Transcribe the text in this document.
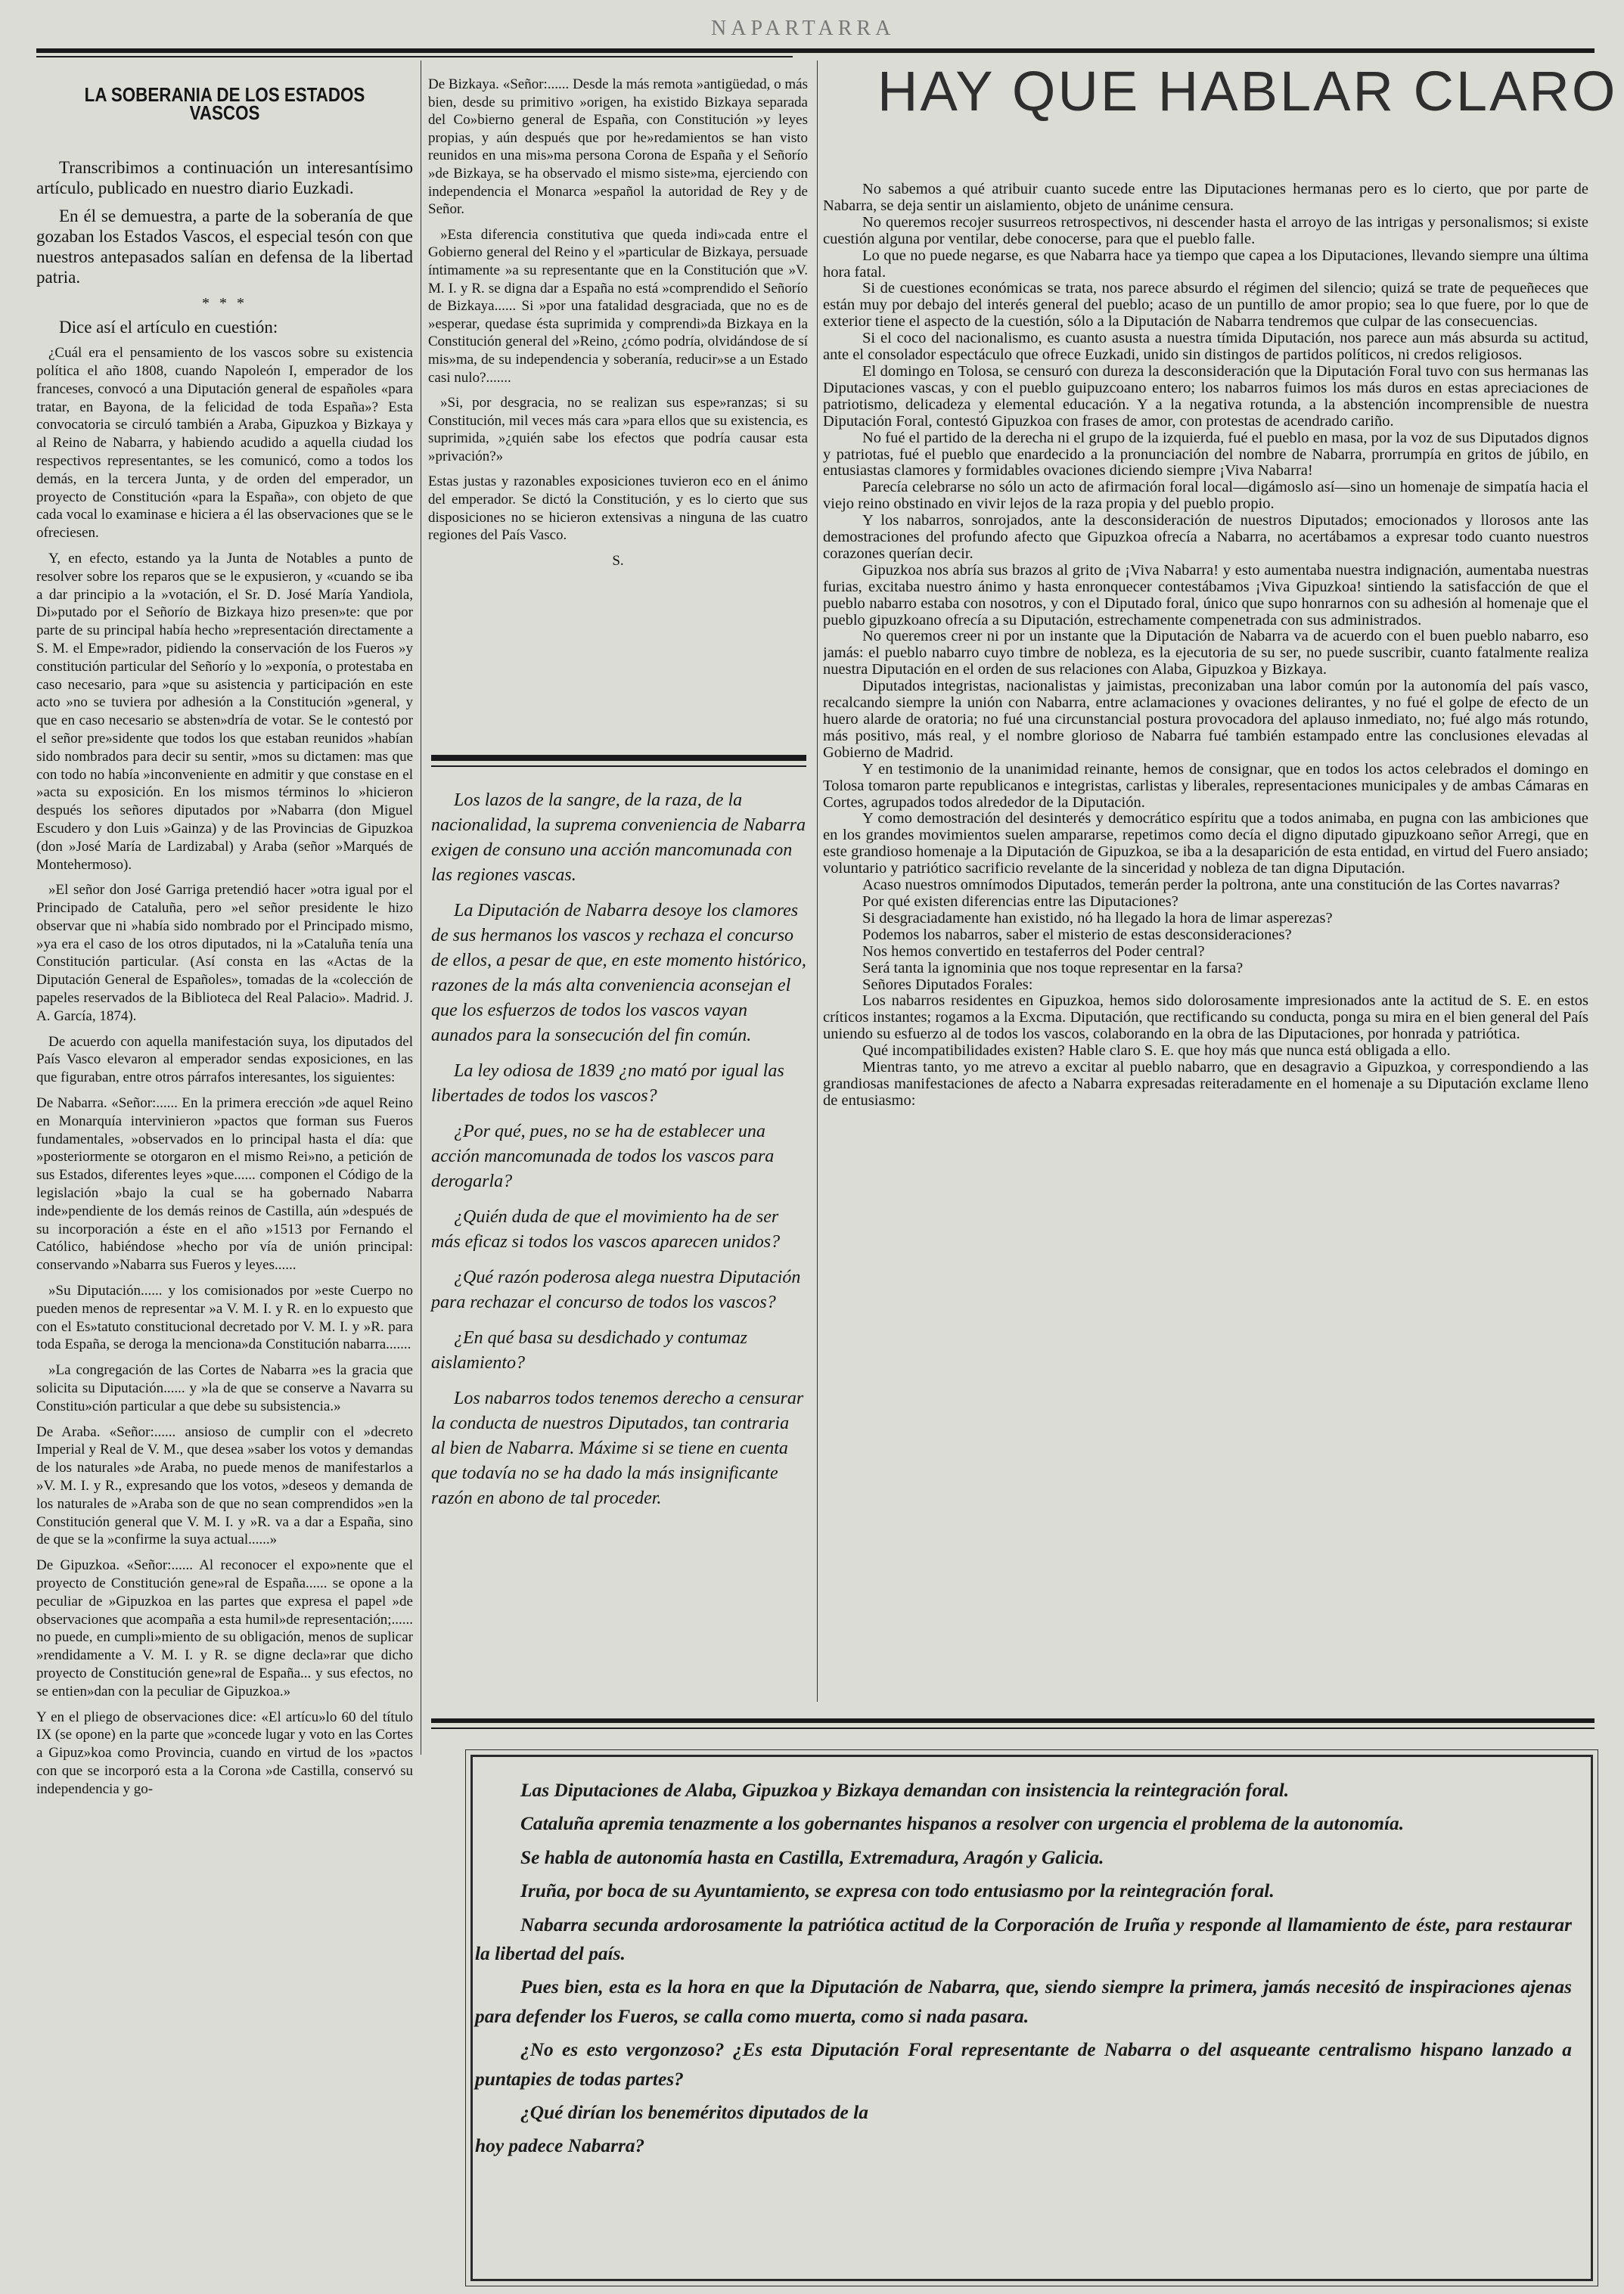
NAPARTARRA
LA SOBERANIA DE LOS ESTADOS VASCOS

Transcribimos a continuación un interesantísimo artículo, publicado en nuestro diario Euzkadi.

En él se demuestra, a parte de la soberanía de que gozaban los Estados Vascos, el especial tesón con que nuestros antepasados salían en defensa de la libertad patria.

* * *

Dice así el artículo en cuestión:

¿Cuál era el pensamiento de los vascos sobre su existencia política el año 1808, cuando Napoleón I, emperador de los franceses, convocó a una Diputación general de españoles «para tratar, en Bayona, de la felicidad de toda España»? Esta convocatoria se circuló también a Araba, Gipuzkoa y Bizkaya y al Reino de Nabarra, y habiendo acudido a aquella ciudad los respectivos representantes, se les comunicó, como a todos los demás, en la tercera Junta, y de orden del emperador, un proyecto de Constitución «para la España», con objeto de que cada vocal lo examinase e hiciera a él las observaciones que se le ofreciesen.

Y, en efecto, estando ya la Junta de Notables a punto de resolver sobre los reparos que se le expusieron, y «cuando se iba a dar principio a la »votación, el Sr. D. José María Yandiola, Di»putado por el Señorío de Bizkaya hizo presen»te: que por parte de su principal había hecho »representación directamente a S. M. el Empe»rador, pidiendo la conservación de los Fueros »y constitución particular del Señorío y lo »exponía, o protestaba en caso necesario, para »que su asistencia y participación en este acto »no se tuviera por adhesión a la Constitución »general, y que en caso necesario se absten»dría de votar. Se le contestó por el señor pre»sidente que todos los que estaban reunidos »habían sido nombrados para decir su sentir, »mos su dictamen: mas que con todo no había »inconveniente en admitir y que constase en el »acta su exposición. En los mismos términos lo »hicieron después los señores diputados por »Nabarra (don Miguel Escudero y don Luis »Gainza) y de las Provincias de Gipuzkoa (don »José María de Lardizabal) y Araba (señor »Marqués de Montehermoso).

»El señor don José Garriga pretendió hacer »otra igual por el Principado de Cataluña, pero »el señor presidente le hizo observar que ni »había sido nombrado por el Principado mismo, »ya era el caso de los otros diputados, ni la »Cataluña tenía una Constitución particular. (Así consta en las «Actas de la Diputación General de Españoles», tomadas de la «colección de papeles reservados de la Biblioteca del Real Palacio». Madrid. J. A. García, 1874).

De acuerdo con aquella manifestación suya, los diputados del País Vasco elevaron al emperador sendas exposiciones, en las que figuraban, entre otros párrafos interesantes, los siguientes:

De Nabarra. «Señor:...... En la primera erección »de aquel Reino en Monarquía intervinieron »pactos que forman sus Fueros fundamentales, »observados en lo principal hasta el día: que »posteriormente se otorgaron en el mismo Rei»no, a petición de sus Estados, diferentes leyes »que...... componen el Código de la legislación »bajo la cual se ha gobernado Nabarra inde»pendiente de los demás reinos de Castilla, aún »después de su incorporación a éste en el año »1513 por Fernando el Católico, habiéndose »hecho por vía de unión principal: conservando »Nabarra sus Fueros y leyes......

»Su Diputación...... y los comisionados por »este Cuerpo no pueden menos de representar »a V. M. I. y R. en lo expuesto que con el Es»tatuto constitucional decretado por V. M. I. y »R. para toda España, se deroga la menciona»da Constitución nabarra.......

»La congregación de las Cortes de Nabarra »es la gracia que solicita su Diputación...... y »la de que se conserve a Navarra su Constitu»ción particular a que debe su subsistencia.»

De Araba. «Señor:...... ansioso de cumplir con el »decreto Imperial y Real de V. M., que desea »saber los votos y demandas de los naturales »de Araba, no puede menos de manifestarlos a »V. M. I. y R., expresando que los votos, »deseos y demanda de los naturales de »Araba son de que no sean comprendidos »en la Constitución general que V. M. I. y »R. va a dar a España, sino de que se la »confirme la suya actual......»

De Gipuzkoa. «Señor:...... Al reconocer el expo»nente que el proyecto de Constitución gene»ral de España...... se opone a la peculiar de »Gipuzkoa en las partes que expresa el papel »de observaciones que acompaña a esta humil»de representación;...... no puede, en cumpli»miento de su obligación, menos de suplicar »rendidamente a V. M. I. y R. se digne decla»rar que dicho proyecto de Constitución gene»ral de España... y sus efectos, no se entien»dan con la peculiar de Gipuzkoa.»

Y en el pliego de observaciones dice: «El artícu»lo 60 del título IX (se opone) en la parte que »concede lugar y voto en las Cortes a Gipuz»koa como Provincia, cuando en virtud de los »pactos con que se incorporó esta a la Corona »de Castilla, conservó su independencia y go-

De Bizkaya. «Señor:...... Desde la más remota »antigüedad, o más bien, desde su primitivo »origen, ha existido Bizkaya separada del Co»bierno general de España, con Constitución »y leyes propias, y aún después que por he»redamientos se han visto reunidos en una mis»ma persona Corona de España y el Señorío »de Bizkaya, se ha observado el mismo siste»ma, ejerciendo con independencia el Monarca »español la autoridad de Rey y de Señor.

»Esta diferencia constitutiva que queda indi»cada entre el Gobierno general del Reino y el »particular de Bizkaya, persuade íntimamente »a su representante que en la Constitución que »V. M. I. y R. se digna dar a España no está »comprendido el Señorío de Bizkaya...... Si »por una fatalidad desgraciada, que no es de »esperar, quedase ésta suprimida y comprendi»da Bizkaya en la Constitución general del »Reino, ¿cómo podría, olvidándose de sí mis»ma, de su independencia y soberanía, reducir»se a un Estado casi nulo?.......

»Si, por desgracia, no se realizan sus espe»ranzas; si su Constitución, mil veces más cara »para ellos que su existencia, es suprimida, »¿quién sabe los efectos que podría causar esta »privación?»

Estas justas y razonables exposiciones tuvieron eco en el ánimo del emperador. Se dictó la Constitución, y es lo cierto que sus disposiciones no se hicieron extensivas a ninguna de las cuatro regiones del País Vasco.

S.

Los lazos de la sangre, de la raza, de la nacionalidad, la suprema conveniencia de Nabarra exigen de consuno una acción mancomunada con las regiones vascas.

La Diputación de Nabarra desoye los clamores de sus hermanos los vascos y rechaza el concurso de ellos, a pesar de que, en este momento histórico, razones de la más alta conveniencia aconsejan el que los esfuerzos de todos los vascos vayan aunados para la sonsecución del fin común.

La ley odiosa de 1839 ¿no mató por igual las libertades de todos los vascos?

¿Por qué, pues, no se ha de establecer una acción mancomunada de todos los vascos para derogarla?

¿Quién duda de que el movimiento ha de ser más eficaz si todos los vascos aparecen unidos?

¿Qué razón poderosa alega nuestra Diputación para rechazar el concurso de todos los vascos?

¿En qué basa su desdichado y contumaz aislamiento?

Los nabarros todos tenemos derecho a censurar la conducta de nuestros Diputados, tan contraria al bien de Nabarra. Máxime si se tiene en cuenta que todavía no se ha dado la más insignificante razón en abono de tal proceder.

HAY QUE HABLAR CLARO

No sabemos a qué atribuir cuanto sucede entre las Diputaciones hermanas pero es lo cierto, que por parte de Nabarra, se deja sentir un aislamiento, objeto de unánime censura.

No queremos recojer susurreos retrospectivos, ni descender hasta el arroyo de las intrigas y personalismos; si existe cuestión alguna por ventilar, debe conocerse, para que el pueblo falle.

Lo que no puede negarse, es que Nabarra hace ya tiempo que capea a los Diputaciones, llevando siempre una última hora fatal.

Si de cuestiones económicas se trata, nos parece absurdo el régimen del silencio; quizá se trate de pequeñeces que están muy por debajo del interés general del pueblo; acaso de un puntillo de amor propio; sea lo que fuere, por lo que de exterior tiene el aspecto de la cuestión, sólo a la Diputación de Nabarra tendremos que culpar de las consecuencias.

Si el coco del nacionalismo, es cuanto asusta a nuestra tímida Diputación, nos parece aun más absurda su actitud, ante el consolador espectáculo que ofrece Euzkadi, unido sin distingos de partidos políticos, ni credos religiosos.

El domingo en Tolosa, se censuró con dureza la desconsideración que la Diputación Foral tuvo con sus hermanas las Diputaciones vascas, y con el pueblo guipuzcoano entero; los nabarros fuimos los más duros en estas apreciaciones de patriotismo, delicadeza y elemental educación. Y a la negativa rotunda, a la abstención incomprensible de nuestra Diputación Foral, contestó Gipuzkoa con frases de amor, con protestas de acendrado cariño.

No fué el partido de la derecha ni el grupo de la izquierda, fué el pueblo en masa, por la voz de sus Diputados dignos y patriotas, fué el pueblo que enardecido a la pronunciación del nombre de Nabarra, prorrumpía en gritos de júbilo, en entusiastas clamores y formidables ovaciones diciendo siempre ¡Viva Nabarra!

Parecía celebrarse no sólo un acto de afirmación foral local—digámoslo así—sino un homenaje de simpatía hacia el viejo reino obstinado en vivir lejos de la raza propia y del pueblo propio.

Y los nabarros, sonrojados, ante la desconsideración de nuestros Diputados; emocionados y llorosos ante las demostraciones del profundo afecto que Gipuzkoa ofrecía a Nabarra, no acertábamos a expresar todo cuanto nuestros corazones querían decir.

Gipuzkoa nos abría sus brazos al grito de ¡Viva Nabarra! y esto aumentaba nuestra indignación, aumentaba nuestras furias, excitaba nuestro ánimo y hasta enronquecer contestábamos ¡Viva Gipuzkoa! sintiendo la satisfacción de que el pueblo nabarro estaba con nosotros, y con el Diputado foral, único que supo honrarnos con su adhesión al homenaje que el pueblo gipuzkoano ofrecía a su Diputación, estrechamente compenetrada con sus administrados.

No queremos creer ni por un instante que la Diputación de Nabarra va de acuerdo con el buen pueblo nabarro, eso jamás: el pueblo nabarro cuyo timbre de nobleza, es la ejecutoria de su ser, no puede suscribir, cuanto fatalmente realiza nuestra Diputación en el orden de sus relaciones con Alaba, Gipuzkoa y Bizkaya.

Diputados integristas, nacionalistas y jaimistas, preconizaban una labor común por la autonomía del país vasco, recalcando siempre la unión con Nabarra, entre aclamaciones y ovaciones delirantes, y no fué el golpe de efecto de un huero alarde de oratoria; no fué una circunstancial postura provocadora del aplauso inmediato, no; fué algo más rotundo, más positivo, más real, y el nombre glorioso de Nabarra fué también estampado entre las conclusiones elevadas al Gobierno de Madrid.

Y en testimonio de la unanimidad reinante, hemos de consignar, que en todos los actos celebrados el domingo en Tolosa tomaron parte republicanos e integristas, carlistas y liberales, representaciones municipales y de ambas Cámaras en Cortes, agrupados todos alrededor de la Diputación.

Y como demostración del desinterés y democrático espíritu que a todos animaba, en pugna con las ambiciones que en los grandes movimientos suelen ampararse, repetimos como decía el digno diputado gipuzkoano señor Arregi, que en este grandioso homenaje a la Diputación de Gipuzkoa, se iba a la desaparición de esta entidad, en virtud del Fuero ansiado; voluntario y patriótico sacrificio revelante de la sinceridad y nobleza de tan digna Diputación.

Acaso nuestros omnímodos Diputados, temerán perder la poltrona, ante una constitución de las Cortes navarras?

Por qué existen diferencias entre las Diputaciones?

Si desgraciadamente han existido, nó ha llegado la hora de limar asperezas?

Podemos los nabarros, saber el misterio de estas desconsideraciones?

Nos hemos convertido en testaferros del Poder central?

Será tanta la ignominia que nos toque representar en la farsa?

Señores Diputados Forales:

Los nabarros residentes en Gipuzkoa, hemos sido dolorosamente impresionados ante la actitud de S. E. en estos críticos instantes; rogamos a la Excma. Diputación, que rectificando su conducta, ponga su mira en el bien general del País uniendo su esfuerzo al de todos los vascos, colaborando en la obra de las Diputaciones, por honrada y patriótica.

Qué incompatibilidades existen? Hable claro S. E. que hoy más que nunca está obligada a ello.

Mientras tanto, yo me atrevo a excitar al pueblo nabarro, que en desagravio a Gipuzkoa, y correspondiendo a las grandiosas manifestaciones de afecto a Nabarra expresadas reiteradamente en el homenaje a su Diputación exclame lleno de entusiasmo:

Las Diputaciones de Alaba, Gipuzkoa y Bizkaya demandan con insistencia la reintegración foral.

Cataluña apremia tenazmente a los gobernantes hispanos a resolver con urgencia el problema de la autonomía.

Se habla de autonomía hasta en Castilla, Extremadura, Aragón y Galicia.

Iruña, por boca de su Ayuntamiento, se expresa con todo entusiasmo por la reintegración foral.

Nabarra secunda ardorosamente la patriótica actitud de la Corporación de Iruña y responde al llamamiento de éste, para restaurar la libertad del país.

Pues bien, esta es la hora en que la Diputación de Nabarra, que, siendo siempre la primera, jamás necesitó de inspiraciones ajenas para defender los Fueros, se calla como muerta, como si nada pasara.

¿No es esto vergonzoso? ¿Es esta Diputación Foral representante de Nabarra o del asqueante centralismo hispano lanzado a puntapies de todas partes?

¿Qué dirían los beneméritos diputados de la

hoy padece Nabarra?
